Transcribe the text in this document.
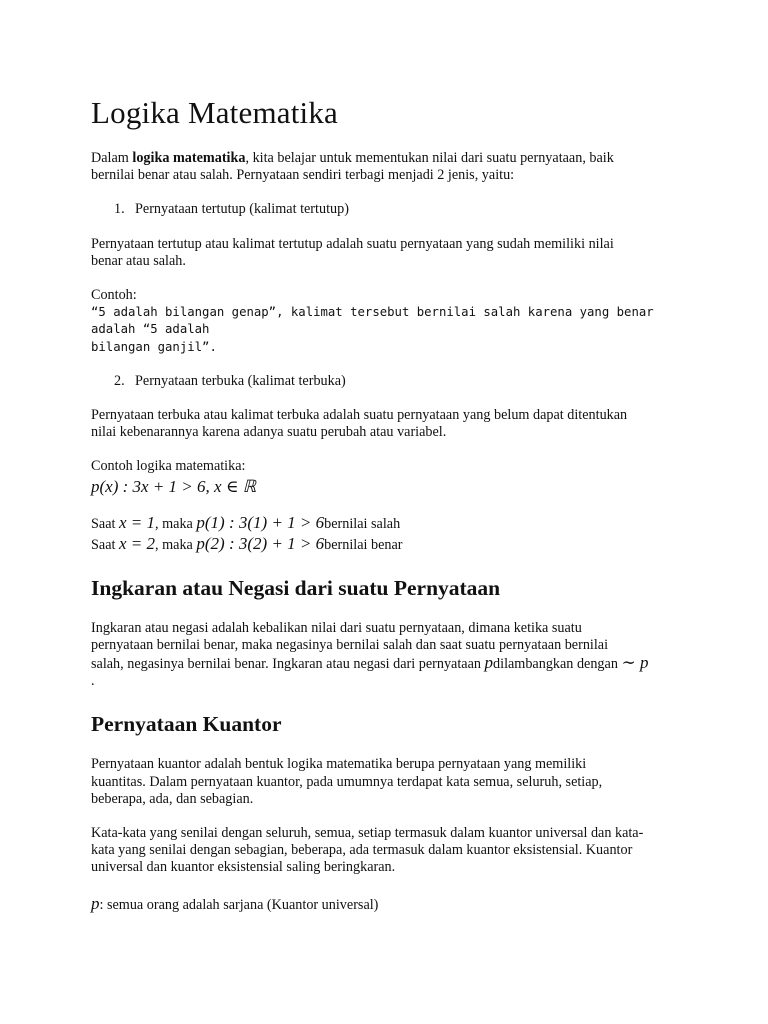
Logika Matematika

Dalam logika matematika, kita belajar untuk mementukan nilai dari suatu pernyataan, baik
bernilai benar atau salah. Pernyataan sendiri terbagi menjadi 2 jenis, yaitu:

1. Pernyataan tertutup (kalimat tertutup)

Pernyataan tertutup atau kalimat tertutup adalah suatu pernyataan yang sudah memiliki nilai
benar atau salah.

Contoh:

“5 adalah bilangan genap”, kalimat tersebut bernilai salah karena yang benar adalah “5 adalah
bilangan ganjil”.

2. Pernyataan terbuka (kalimat terbuka)

Pernyataan terbuka atau kalimat terbuka adalah suatu pernyataan yang belum dapat ditentukan
nilai kebenarannya karena adanya suatu perubah atau variabel.

Contoh logika matematika:

p(x) : 3x + 1 > 6, x ∈ ℝ

Saat x = 1, maka p(1) : 3(1) + 1 > 6bernilai salah

Saat x = 2, maka p(2) : 3(2) + 1 > 6bernilai benar

Ingkaran atau Negasi dari suatu Pernyataan

Ingkaran atau negasi adalah kebalikan nilai dari suatu pernyataan, dimana ketika suatu
pernyataan bernilai benar, maka negasinya bernilai salah dan saat suatu pernyataan bernilai
salah, negasinya bernilai benar. Ingkaran atau negasi dari pernyataan pdilambangkan dengan ∼ p
.

Pernyataan Kuantor

Pernyataan kuantor adalah bentuk logika matematika berupa pernyataan yang memiliki
kuantitas. Dalam pernyataan kuantor, pada umumnya terdapat kata semua, seluruh, setiap,
beberapa, ada, dan sebagian.

Kata-kata yang senilai dengan seluruh, semua, setiap termasuk dalam kuantor universal dan kata-
kata yang senilai dengan sebagian, beberapa, ada termasuk dalam kuantor eksistensial. Kuantor
universal dan kuantor eksistensial saling beringkaran.

p: semua orang adalah sarjana (Kuantor universal)
